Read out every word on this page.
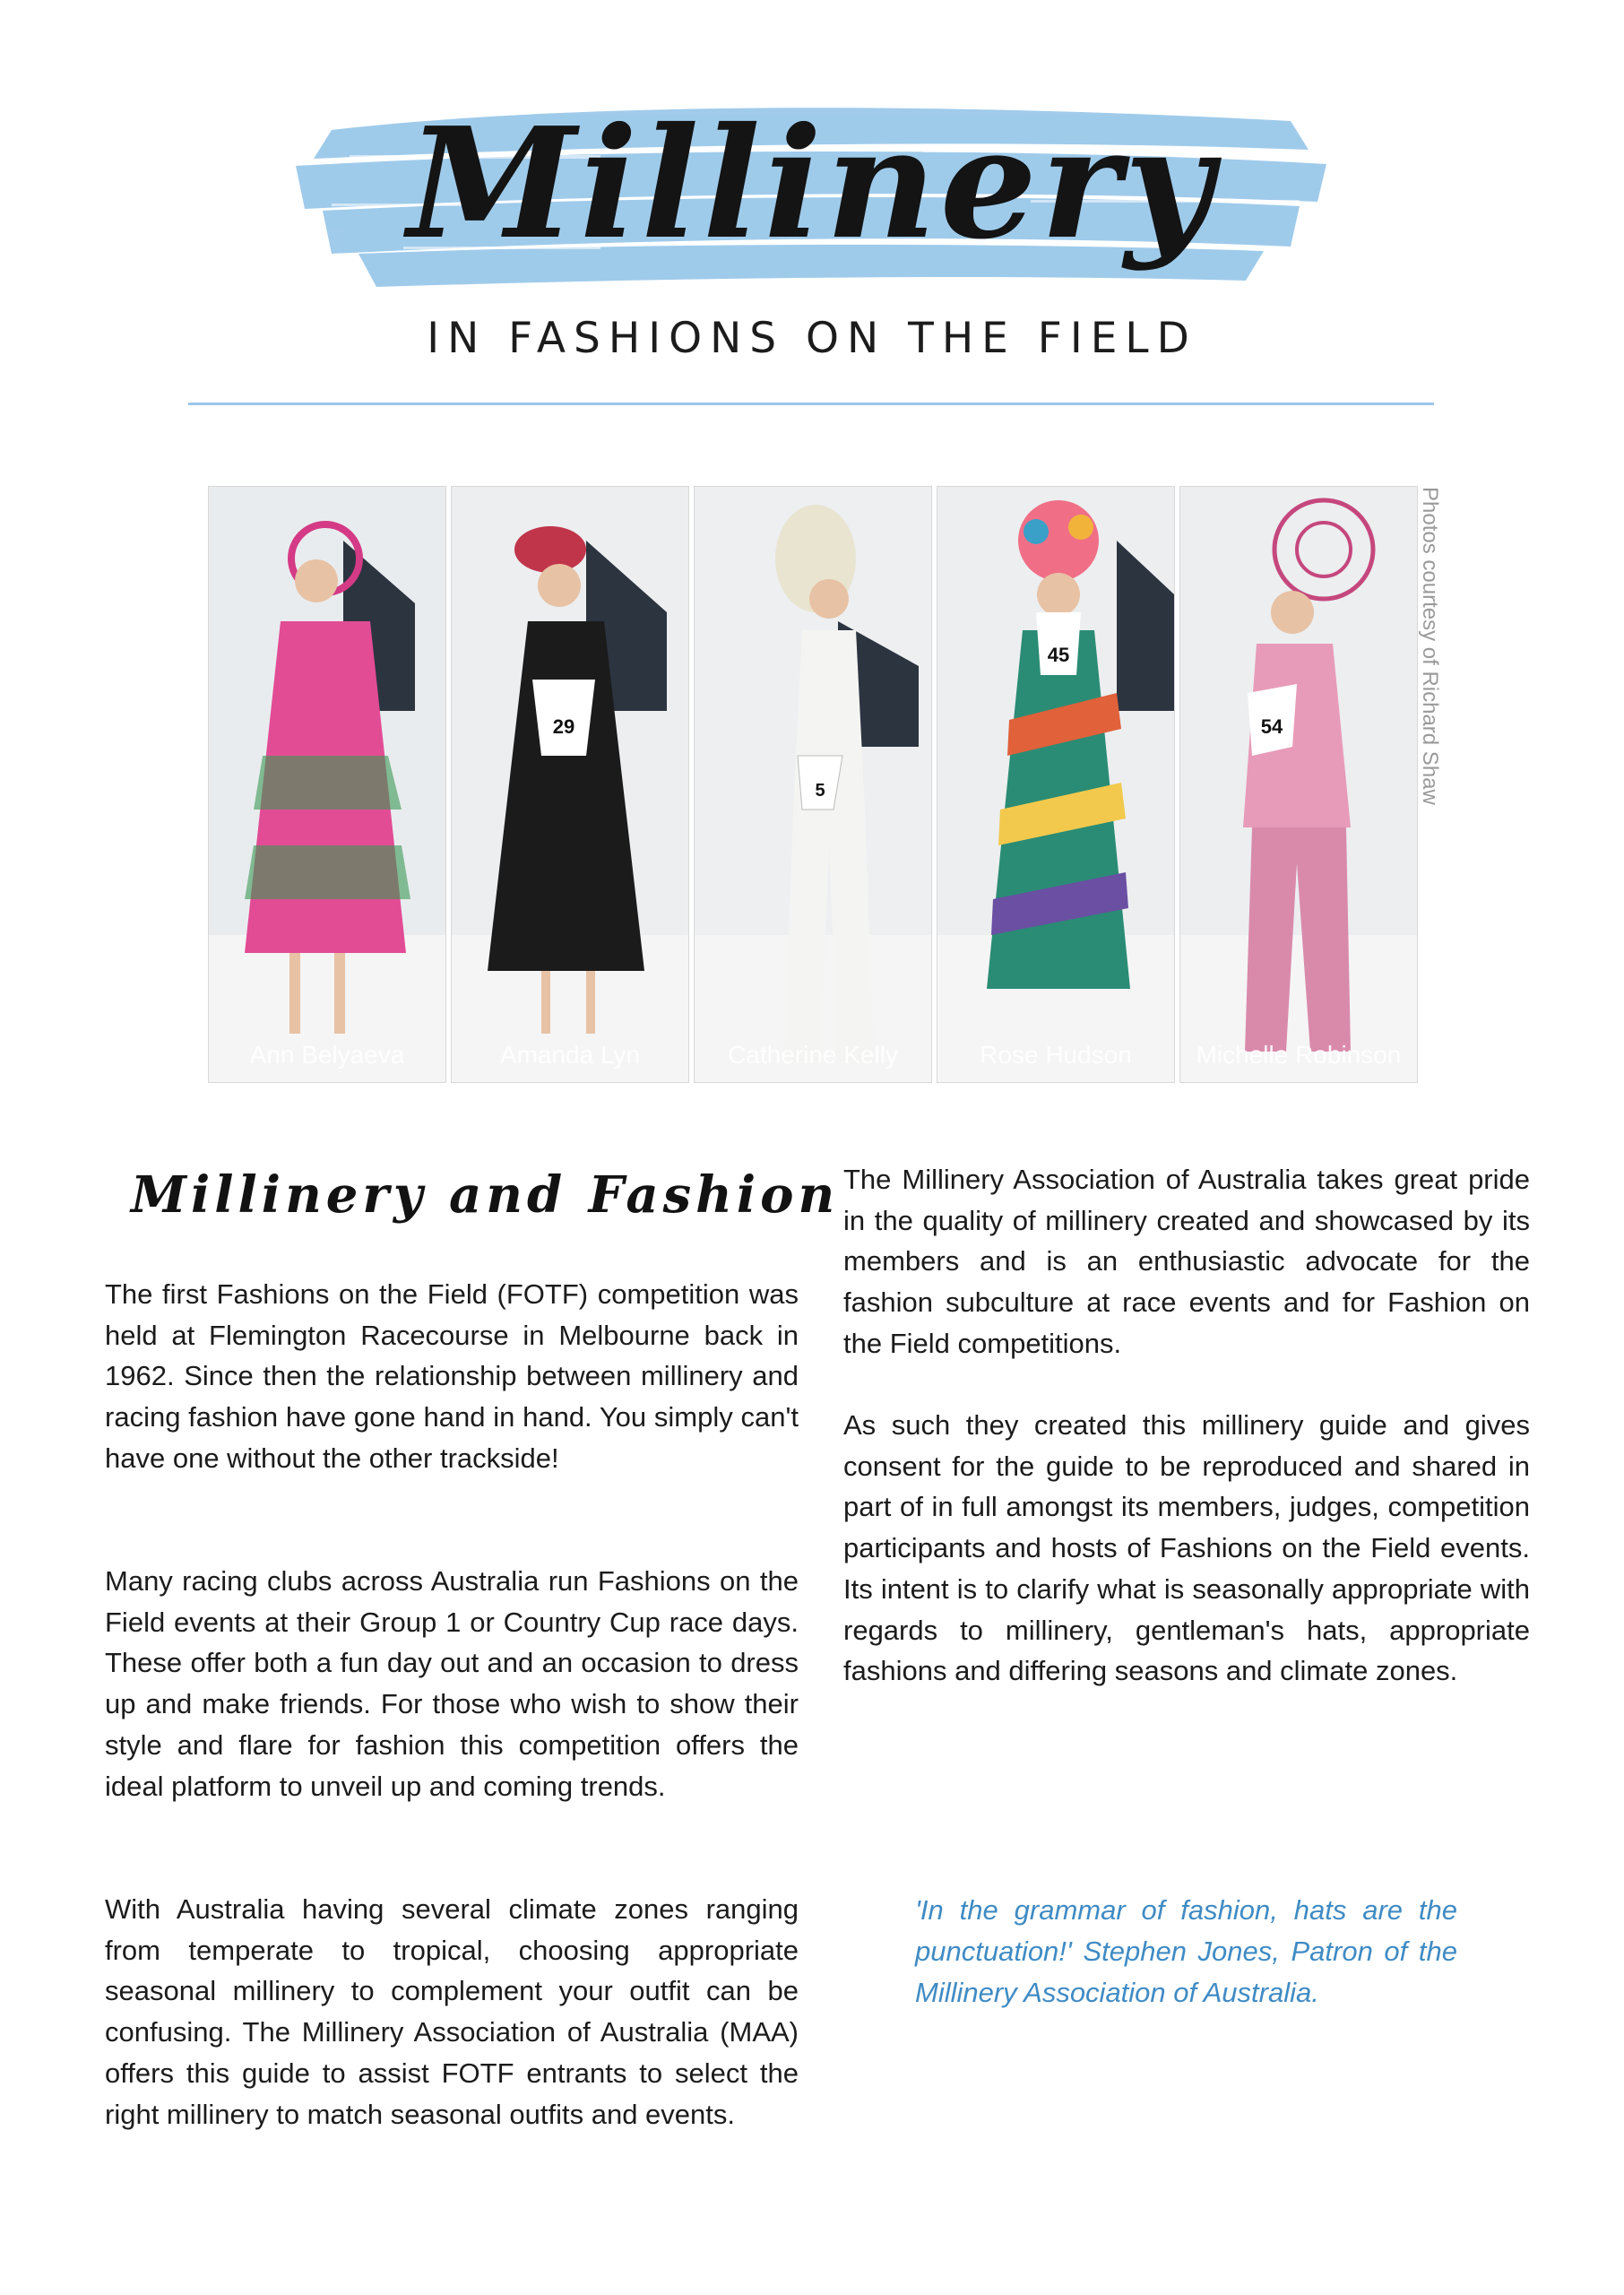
Millinery
IN FASHIONS ON THE FIELD
Ann Belyaeva
29
Amanda Lyn
5
Catherine Kelly
45
Rose Hudson
54
Michelle Robinson
Photos courtesy of Richard Shaw
Millinery and Fashion

The first Fashions on the Field (FOTF) competition was held at Flemington Racecourse in Melbourne back in 1962. Since then the relationship between millinery and racing fashion have gone hand in hand. You simply can't have one without the other trackside!

Many racing clubs across Australia run Fashions on the Field events at their Group 1 or Country Cup race days. These offer both a fun day out and an occasion to dress up and make friends. For those who wish to show their style and flare for fashion this competition offers the ideal platform to unveil up and coming trends.

With Australia having several climate zones ranging from temperate to tropical, choosing appropriate seasonal millinery to complement your outfit can be confusing. The Millinery Association of Australia (MAA) offers this guide to assist FOTF entrants to select the right millinery to match seasonal outfits and events.

The Millinery Association of Australia takes great pride in the quality of millinery created and showcased by its members and is an enthusiastic advocate for the fashion subculture at race events and for Fashion on the Field competitions.

As such they created this millinery guide and gives consent for the guide to be reproduced and shared in part of in full amongst its members, judges, competition participants and hosts of Fashions on the Field events. Its intent is to clarify what is seasonally appropriate with regards to millinery, gentleman's hats, appropriate fashions and differing seasons and climate zones.

'In the grammar of fashion, hats are the punctuation!' Stephen Jones, Patron of the Millinery Association of Australia.
